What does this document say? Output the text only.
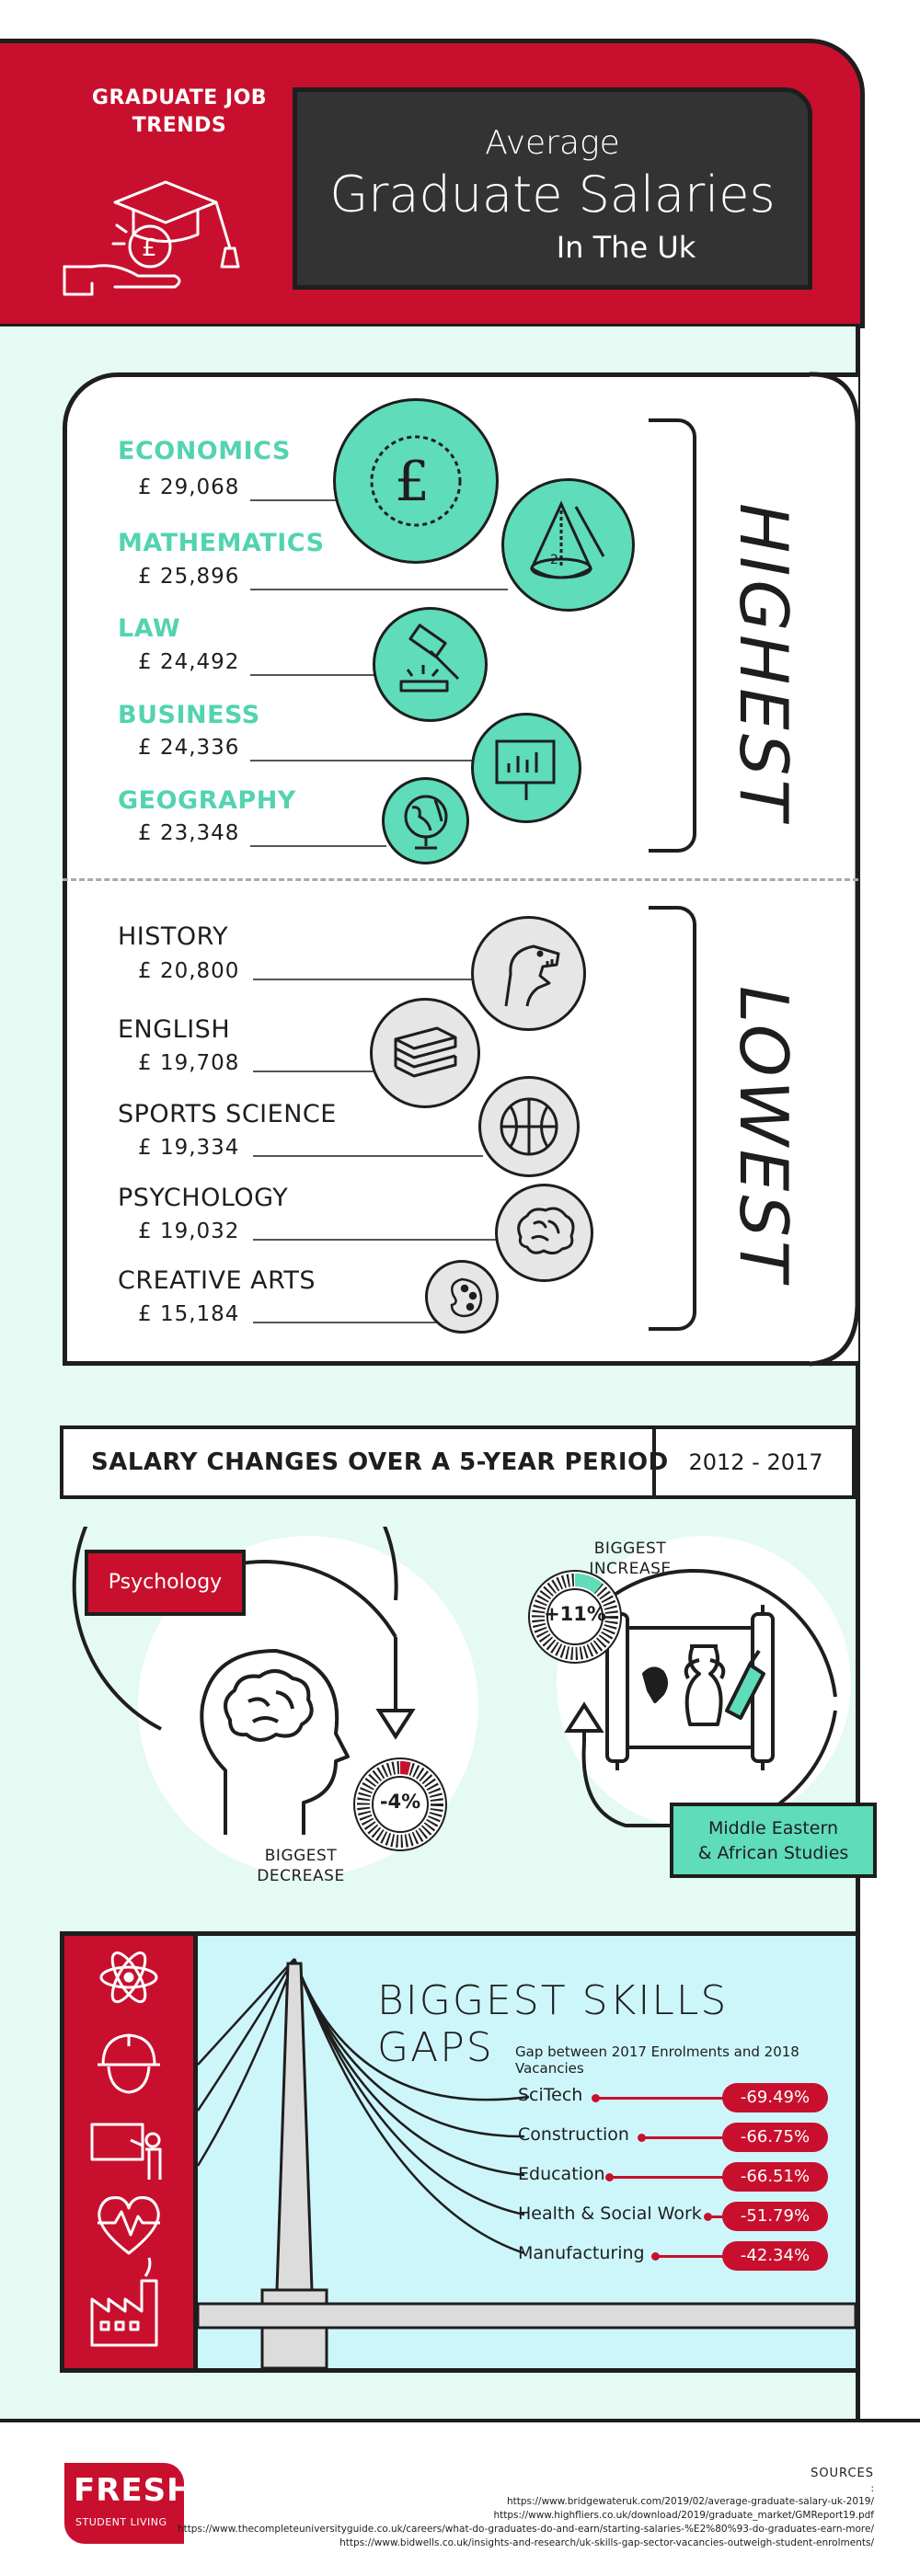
GRADUATE JOB TRENDS
£
Average
Graduate Salaries
In The Uk
ECONOMICS
£ 29,068
MATHEMATICS
£ 25,896
LAW
£ 24,492
BUSINESS
£ 24,336
GEOGRAPHY
£ 23,348
£
2	HIGHEST
HISTORY
£ 20,800
ENGLISH
£ 19,708
SPORTS SCIENCE
£ 19,334
PSYCHOLOGY
£ 19,032
CREATIVE ARTS
£ 15,184
LOWEST
SALARY CHANGES OVER A 5-YEAR PERIOD 2012 - 2017
Psychology
-4%
BIGGEST
DECREASE
+11%
BIGGEST
INCREASE
Middle Eastern
& African Studies
BIGGEST SKILLS GAPS	Gap between 2017 Enrolments and 2018 Vacancies
SciTech	-69.49%
Construction	-66.75%
Education	-66.51%
Health & Social Work	-51.79%
Manufacturing	-42.34%
FRESH
STUDENT LIVING
SOURCES
:
https://www.bridgewateruk.com/2019/02/average-graduate-salary-uk-2019/
https://www.highfliers.co.uk/download/2019/graduate_market/GMReport19.pdf
https://www.thecompleteuniversityguide.co.uk/careers/what-do-graduates-do-and-earn/starting-salaries-%E2%80%93-do-graduates-earn-more/
https://www.bidwells.co.uk/insights-and-research/uk-skills-gap-sector-vacancies-outweigh-student-enrolments/
